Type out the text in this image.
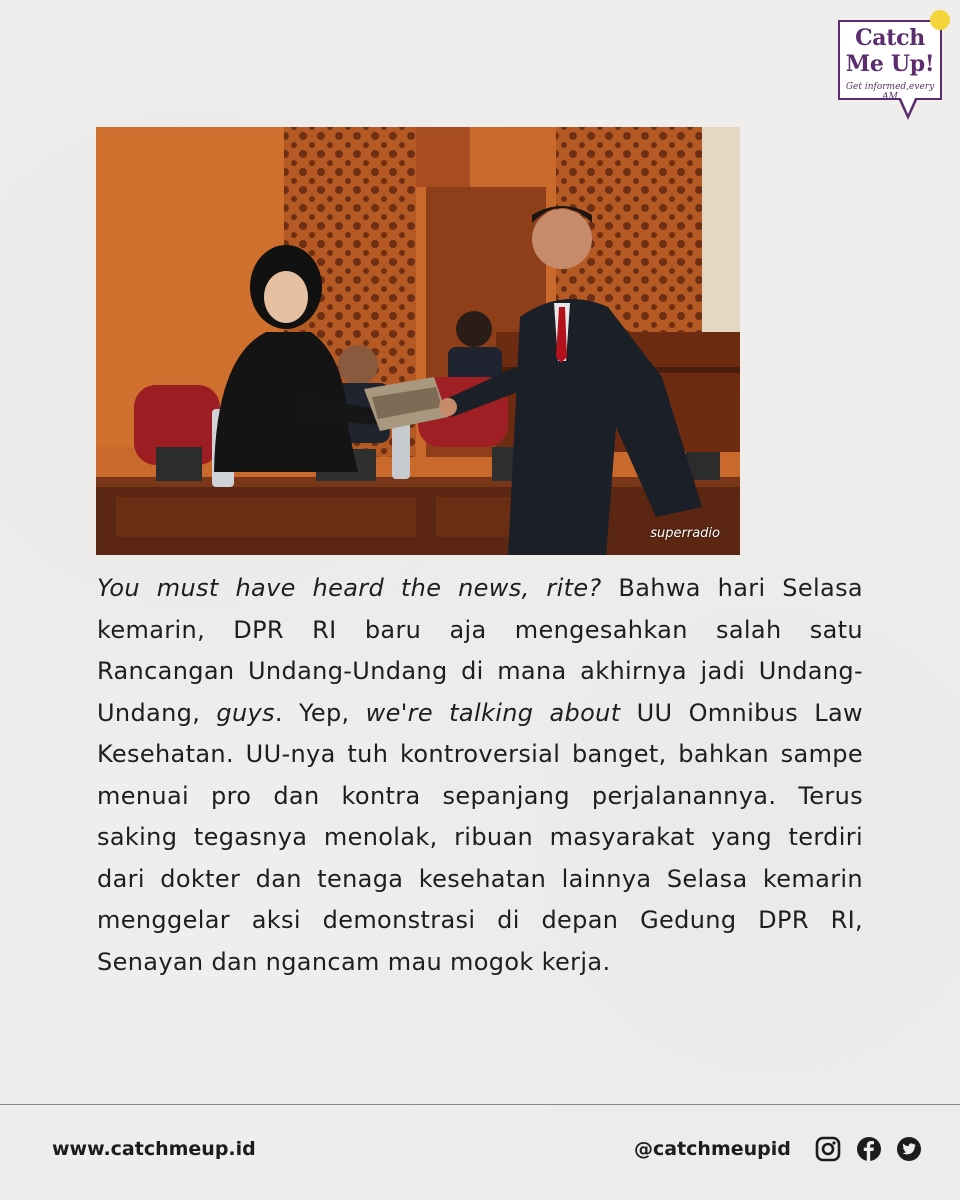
Catch
Me Up!
Get informed,every AM
superradio
You must have heard the news, rite? Bahwa hari Selasa kemarin, DPR RI baru aja mengesahkan salah satu Rancangan Undang-Undang di mana akhirnya jadi Undang-Undang, guys. Yep, we're talking about UU Omnibus Law Kesehatan. UU-nya tuh kontroversial banget, bahkan sampe menuai pro dan kontra sepanjang perjalanannya. Terus saking tegasnya menolak, ribuan masyarakat yang terdiri dari dokter dan tenaga kesehatan lainnya Selasa kemarin menggelar aksi demonstrasi di depan Gedung DPR RI, Senayan dan ngancam mau mogok kerja.
www.catchmeup.id	@catchmeupid
